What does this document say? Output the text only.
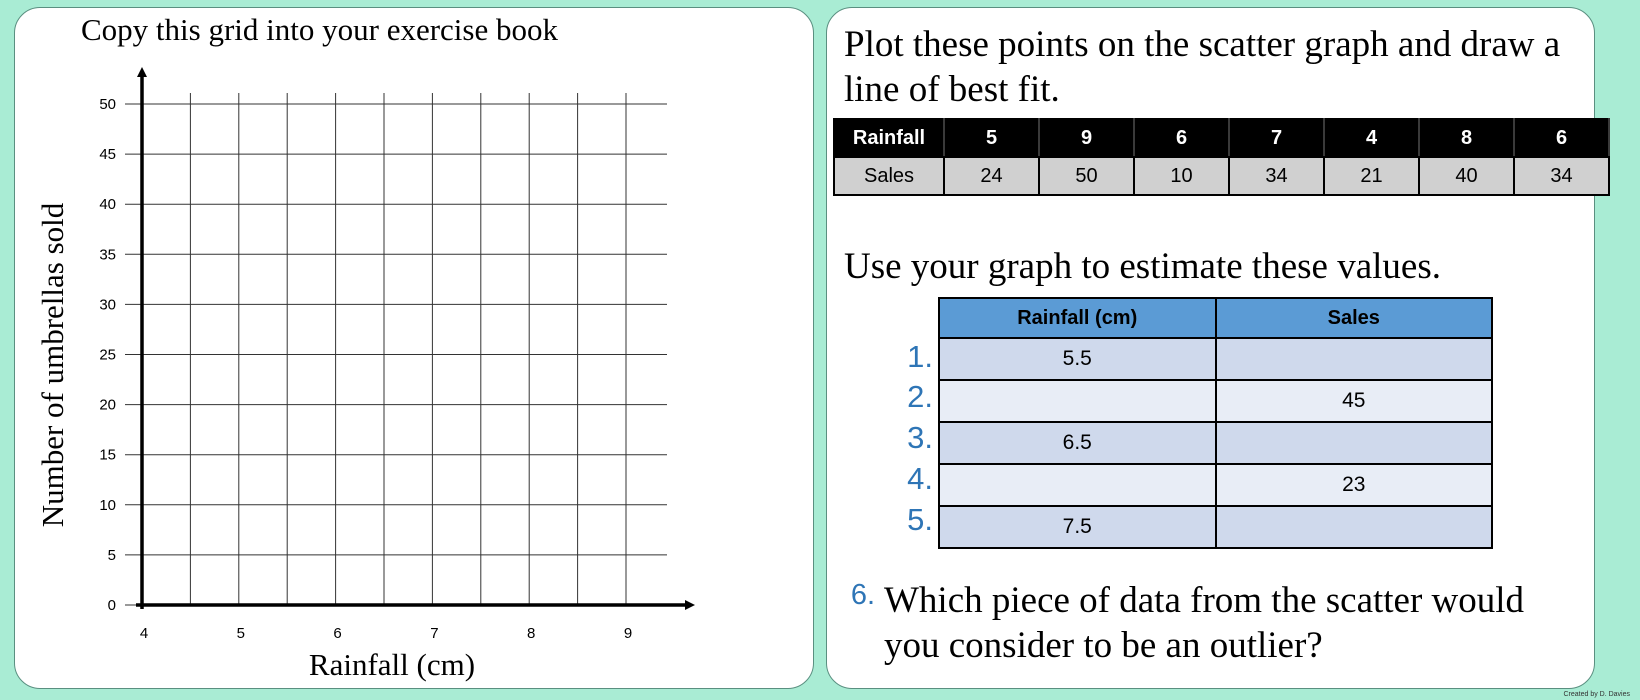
Copy this grid into your exercise book

0
5
10
15
20
25
30
35
40
45
50
4	5	6	7	8	9
Rainfall (cm)
Number of umbrellas sold

Plot these points on the scatter graph and draw a line of best fit.

Rainfall	5	9	6	7	4	8	6
Sales	24	50	10	34	21	40	34

Use your graph to estimate these values.

Rainfall (cm)	Sales
5.5	
	45
6.5	
	23
7.5	

1.

2.

3.

4.

5.

6. Which piece of data from the scatter would you consider to be an outlier?

Created by D. Davies
